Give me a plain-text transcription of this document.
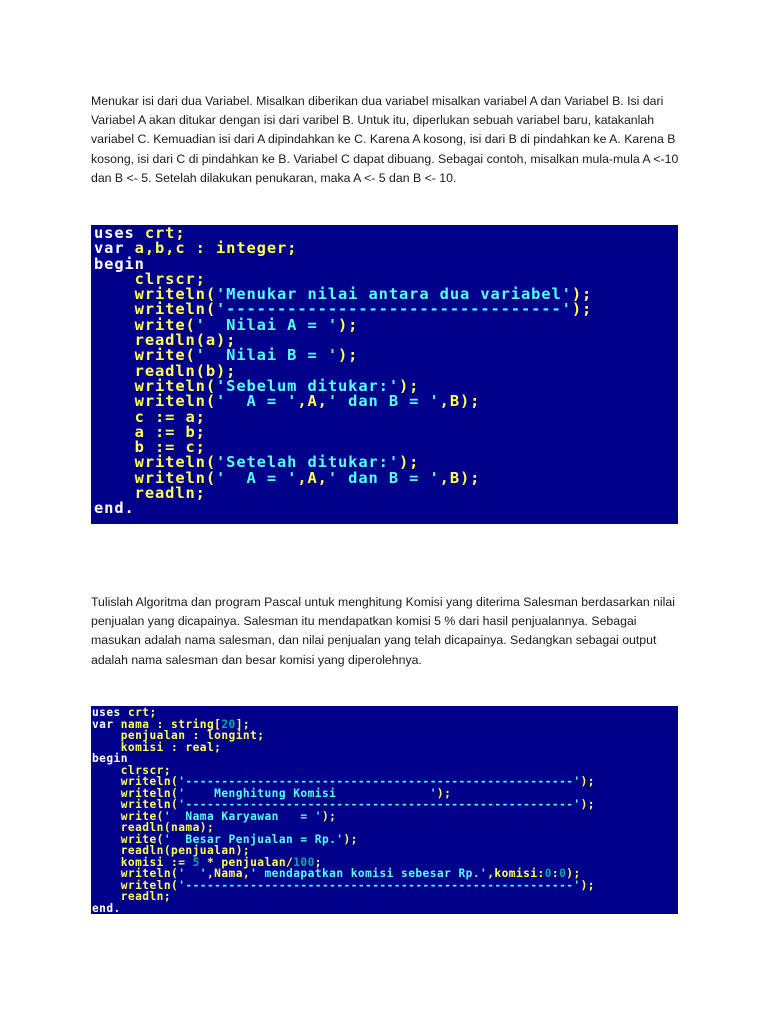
Menukar isi dari dua Variabel. Misalkan diberikan dua variabel misalkan variabel A dan Variabel B. Isi dari Variabel A akan ditukar dengan isi dari varibel B. Untuk itu, diperlukan sebuah variabel baru, katakanlah variabel C. Kemuadian isi dari A dipindahkan ke C. Karena A kosong, isi dari B di pindahkan ke A. Karena B kosong, isi dari C di pindahkan ke B. Variabel C dapat dibuang. Sebagai contoh, misalkan mula-mula A <-10 dan B <- 5. Setelah dilakukan penukaran, maka A <- 5 dan B <- 10.

uses crt;
var a,b,c : integer;
begin
clrscr;
writeln('Menukar nilai antara dua variabel');
writeln('---------------------------------');
write('  Nilai A = ');
readln(a);
write('  Nilai B = ');
readln(b);
writeln('Sebelum ditukar:');
writeln('  A = ',A,' dan B = ',B);
c := a;
a := b;
b := c;
writeln('Setelah ditukar:');
writeln('  A = ',A,' dan B = ',B);
readln;
end.

Tulislah Algoritma dan program Pascal untuk menghitung Komisi yang diterima Salesman berdasarkan nilai penjualan yang dicapainya. Salesman itu mendapatkan komisi 5 % dari hasil penjualannya. Sebagai masukan adalah nama salesman, dan nilai penjualan yang telah dicapainya. Sedangkan sebagai output adalah nama salesman dan besar komisi yang diperolehnya.

uses crt;
var nama : string[20];
penjualan : longint;
komisi : real;
begin
clrscr;
writeln('------------------------------------------------------');
writeln('    Menghitung Komisi             ');
writeln('------------------------------------------------------');
write('  Nama Karyawan   = ');
readln(nama);
write('  Besar Penjualan = Rp.');
readln(penjualan);
komisi := 5 * penjualan/100;
writeln('  ',Nama,' mendapatkan komisi sebesar Rp.',komisi:0:0);
writeln('------------------------------------------------------');
readln;
end.
